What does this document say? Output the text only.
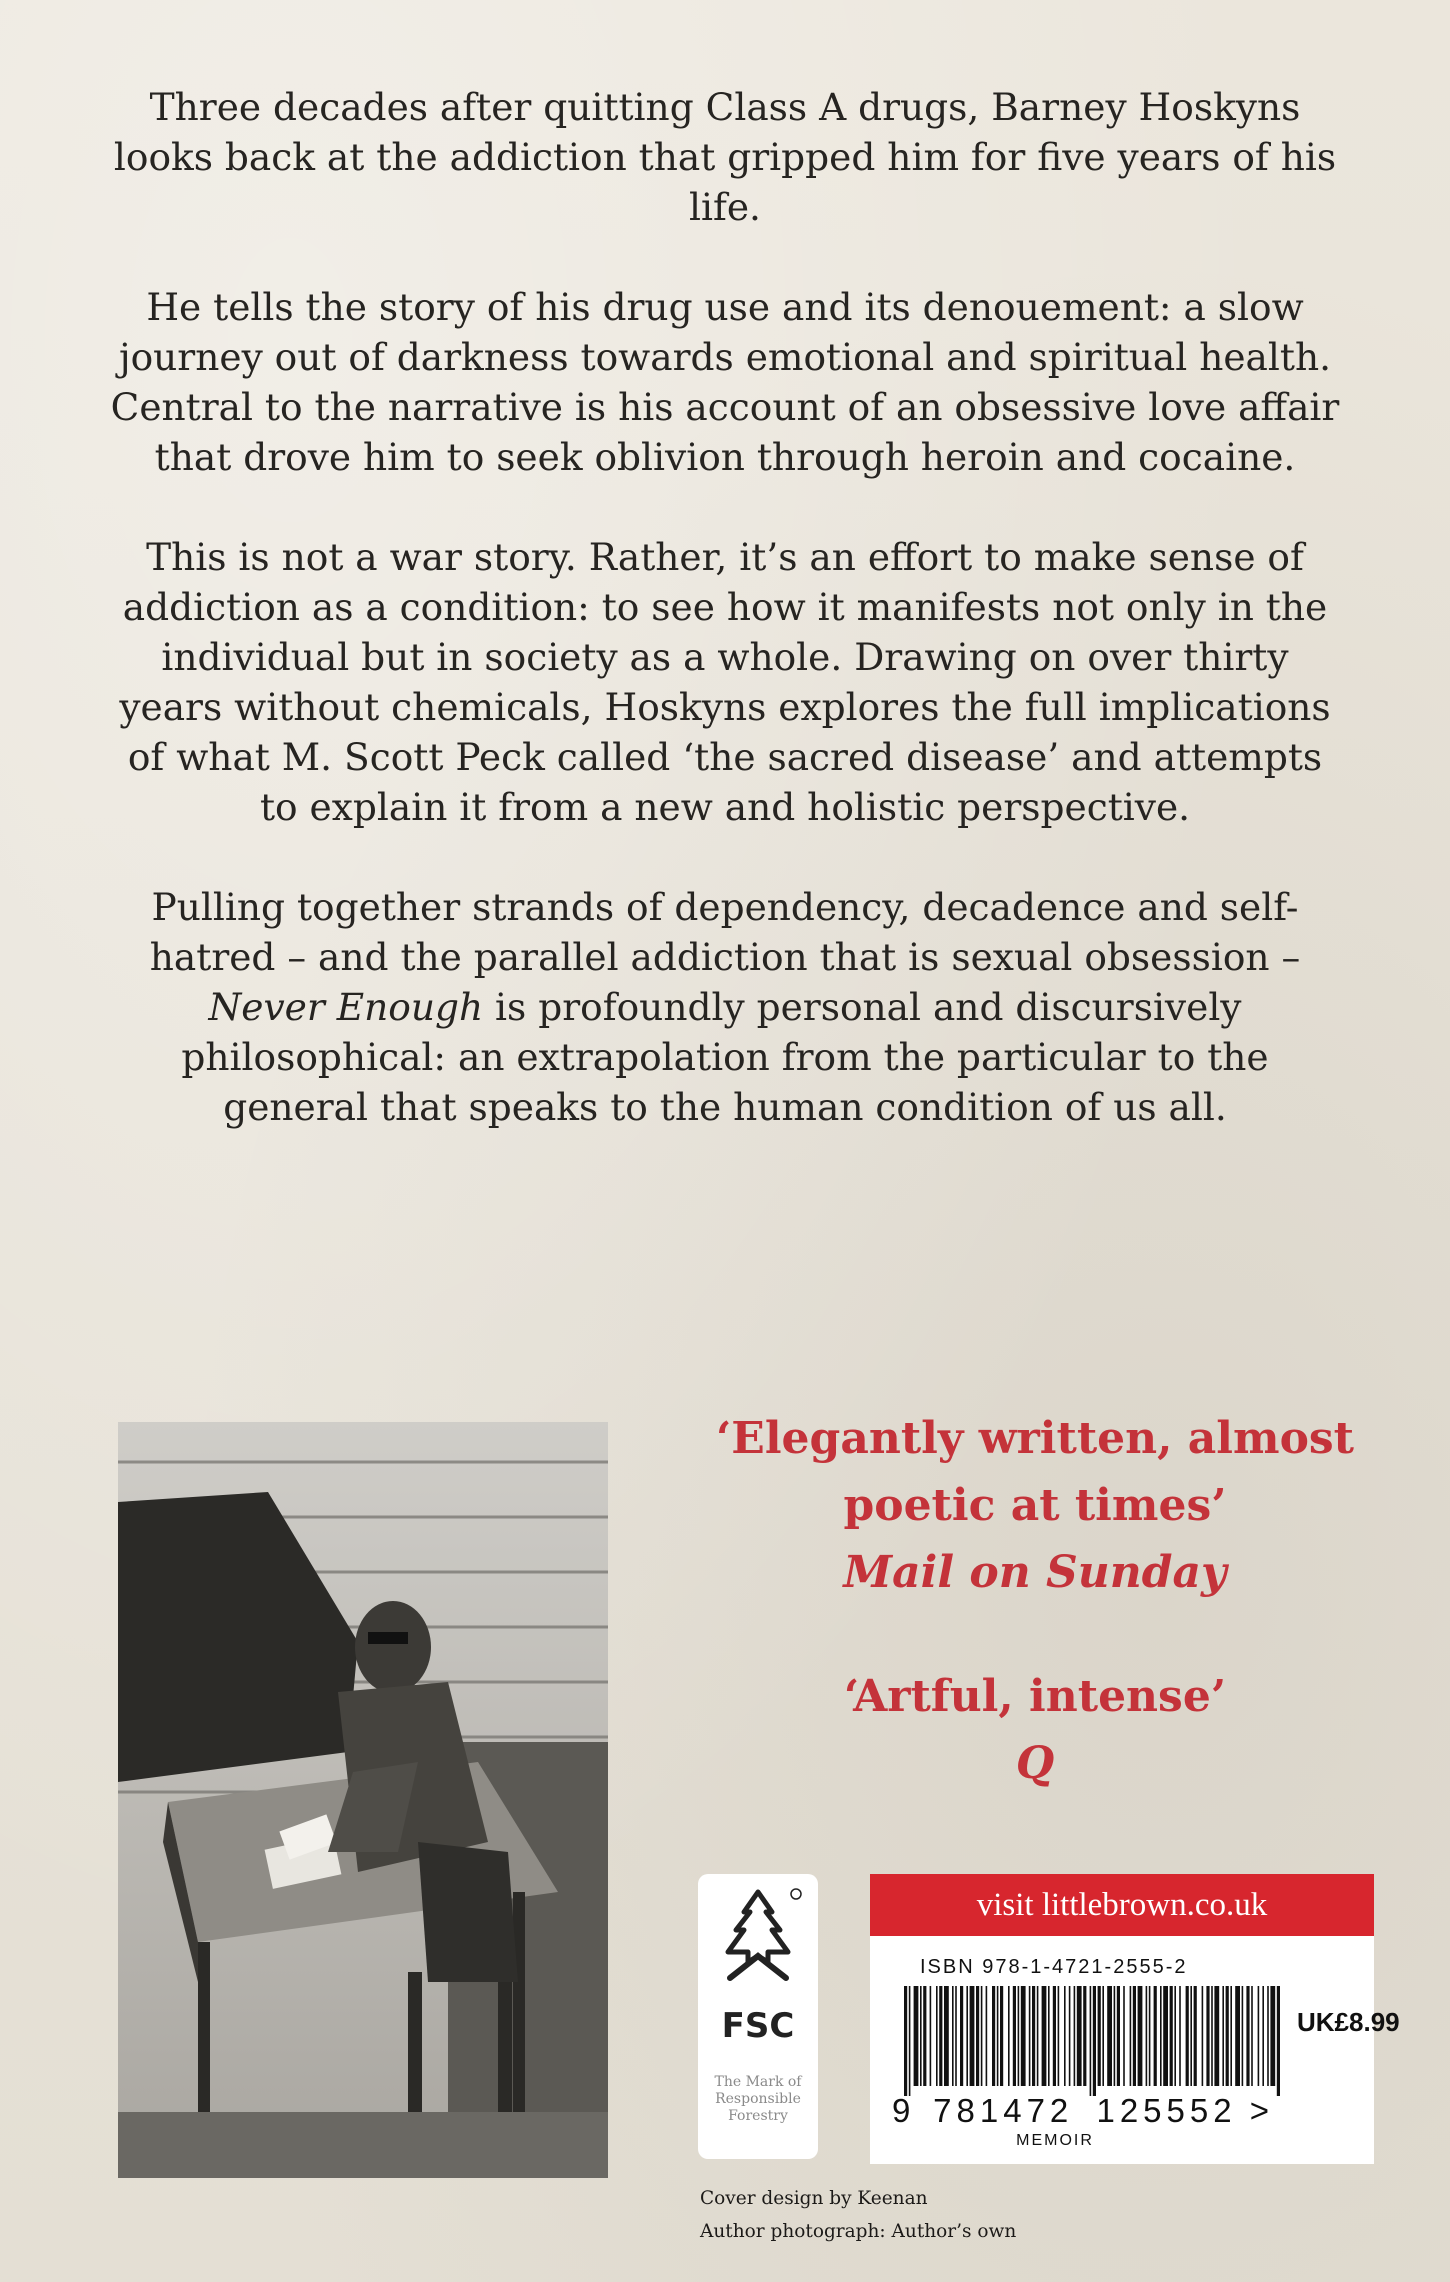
Three decades after quitting Class A drugs, Barney Hoskyns looks back at the addiction that gripped him for five years of his life.

He tells the story of his drug use and its denouement: a slow journey out of darkness towards emotional and spiritual health. Central to the narrative is his account of an obsessive love affair that drove him to seek oblivion through heroin and cocaine.

This is not a war story. Rather, it’s an effort to make sense of addiction as a condition: to see how it manifests not only in the individual but in society as a whole. Drawing on over thirty years without chemicals, Hoskyns explores the full implications of what M. Scott Peck called ‘the sacred disease’ and attempts to explain it from a new and holistic perspective.

Pulling together strands of dependency, decadence and self-hatred – and the parallel addiction that is sexual obsession – Never Enough is profoundly personal and discursively philosophical: an extrapolation from the particular to the general that speaks to the human condition of us all.

‘Elegantly written, almost poetic at times’
Mail on Sunday
‘Artful, intense’
Q
FSC
The Mark of Responsible Forestry
visit littlebrown.co.uk
ISBN 978-1-4721-2555-2
UK£8.99
9 781472 125552 >
MEMOIR
Cover design by Keenan
Author photograph: Author’s own
